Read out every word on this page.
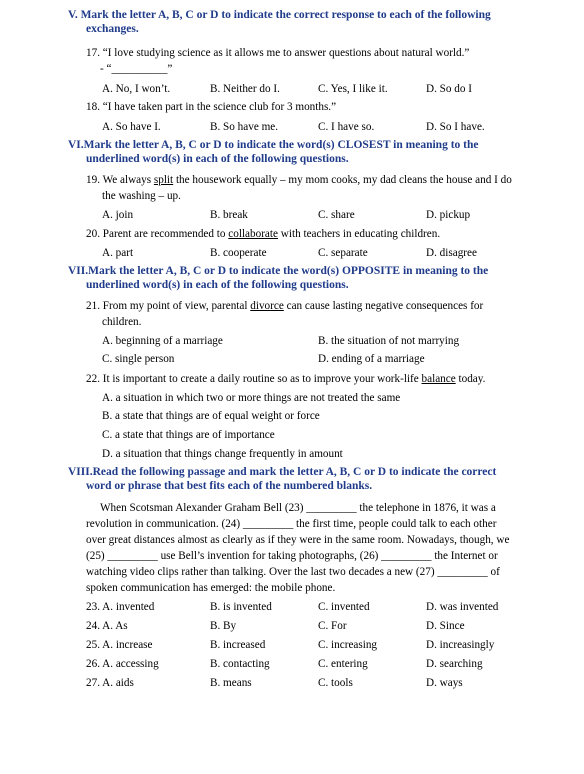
V. Mark the letter A, B, C or D to indicate the correct response to each of the following
exchanges.
17. “I love studying science as it allows me to answer questions about natural world.”
- “__________”
A. No, I won’t.	B. Neither do I.	C. Yes, I like it.	D. So do I
18. “I have taken part in the science club for 3 months.”
A. So have I.	B. So have me.	C. I have so.	D. So I have.
VI.Mark the letter A, B, C or D to indicate the word(s) CLOSEST in meaning to the
underlined word(s) in each of the following questions.
19. We always split the housework equally – my mom cooks, my dad cleans the house and I do
the washing – up.
A. join	B. break	C. share	D. pickup
20. Parent are recommended to collaborate with teachers in educating children.
A. part	B. cooperate	C. separate	D. disagree
VII.Mark the letter A, B, C or D to indicate the word(s) OPPOSITE in meaning to the
underlined word(s) in each of the following questions.
21. From my point of view, parental divorce can cause lasting negative consequences for
children.
A. beginning of a marriage	B. the situation of not marrying
C. single person	D. ending of a marriage
22. It is important to create a daily routine so as to improve your work-life balance today.
A. a situation in which two or more things are not treated the same
B. a state that things are of equal weight or force
C. a state that things are of importance
D. a situation that things change frequently in amount
VIII.Read the following passage and mark the letter A, B, C or D to indicate the correct
word or phrase that best fits each of the numbered blanks.
When Scotsman Alexander Graham Bell (23) _________ the telephone in 1876, it was a
revolution in communication. (24) _________ the first time, people could talk to each other
over great distances almost as clearly as if they were in the same room. Nowadays, though, we
(25) _________ use Bell’s invention for taking photographs, (26) _________ the Internet or
watching video clips rather than talking. Over the last two decades a new (27) _________ of
spoken communication has emerged: the mobile phone.
23. A. invented	B. is invented	C. invented	D. was invented
24. A. As	B. By	C. For	D. Since
25. A. increase	B. increased	C. increasing	D. increasingly
26. A. accessing	B. contacting	C. entering	D. searching
27. A. aids	B. means	C. tools	D. ways
